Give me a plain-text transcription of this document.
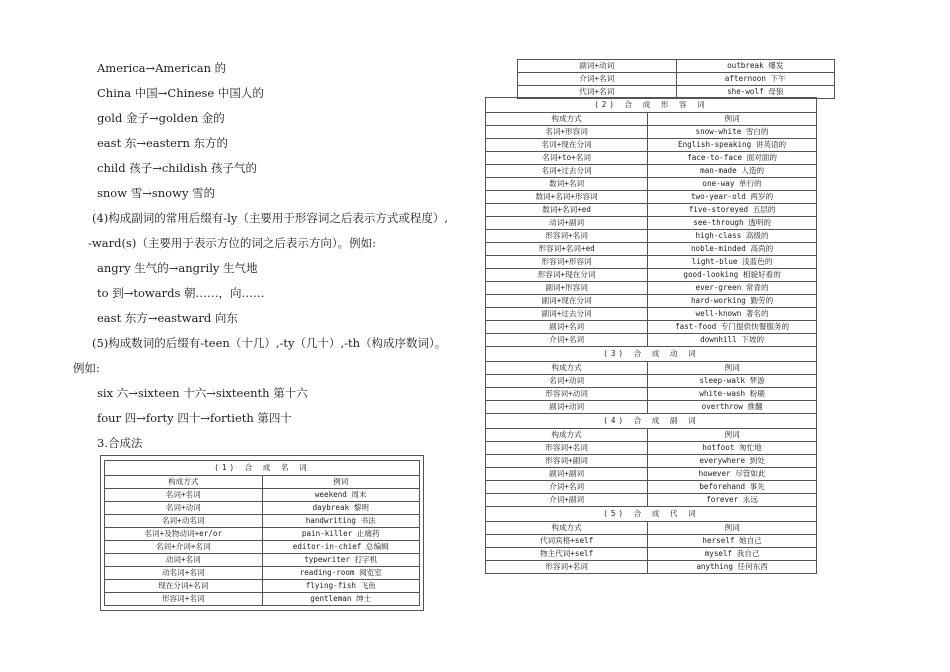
America→American 的
China 中国→Chinese 中国人的
gold 金子→golden 金的
east 东→eastern 东方的
child 孩子→childish 孩子气的
snow 雪→snowy 雪的
(4)构成副词的常用后缀有-ly（主要用于形容词之后表示方式或程度）,
-ward(s)（主要用于表示方位的词之后表示方向）。例如:
angry 生气的→angrily 生气地
to 到→towards 朝……，向……
east 东方→eastward 向东
(5)构成数词的后缀有-teen（十几）,-ty（几十）,-th（构成序数词）。
例如:
six 六→sixteen 十六→sixteenth 第十六
four 四→forty 四十→fortieth 第四十
3.合成法
(1) 合 成 名 词	
构成方式	例词
名词+名词	weekend 周末
名词+动词	daybreak 黎明
名词+动名词	handwriting 书法
名词+及物动词+er/or	pain-killer 止痛药
名词+介词+名词	editor-in-chief 总编辑
动词+名词	typewriter 打字机
动名词+名词	reading-room 阅览室
现在分词+名词	flying-fish 飞鱼
形容词+名词	gentleman 绅士
副词+动词	outbreak 爆发
介词+名词	afternoon 下午
代词+名词	she-wolf 母狼
(2) 合 成 形 容 词	
构成方式	例词
名词+形容词	snow-white 雪白的
名词+现在分词	English-speaking 讲英语的
名词+to+名词	face-to-face 面对面的
名词+过去分词	man-made 人造的
数词+名词	one-way 单行的
数词+名词+形容词	two-year-old 两岁的
数词+名词+ed	five-storeyed 五层的
动词+副词	see-through 透明的
形容词+名词	high-class 高级的
形容词+名词+ed	noble-minded 高尚的
形容词+形容词	light-blue 浅蓝色的
形容词+现在分词	good-looking 相貌好看的
副词+形容词	ever-green 常青的
副词+现在分词	hard-working 勤劳的
副词+过去分词	well-known 著名的
副词+名词	fast-food 专门提供快餐服务的
介词+名词	downhill 下坡的
(3) 合 成 动 词	
构成方式	例词
名词+动词	sleep-walk 梦游
形容词+动词	white-wash 粉刷
副词+动词	overthrow 推翻
(4) 合 成 副 词	
构成方式	例词
形容词+名词	hotfoot 匆忙地
形容词+副词	everywhere 到处
副词+副词	however 尽管如此
介词+名词	beforehand 事先
介词+副词	forever 永远
(5) 合 成 代 词	
构成方式	例词
代词宾格+self	herself 她自己
物主代词+self	myself 我自己
形容词+名词	anything 任何东西
